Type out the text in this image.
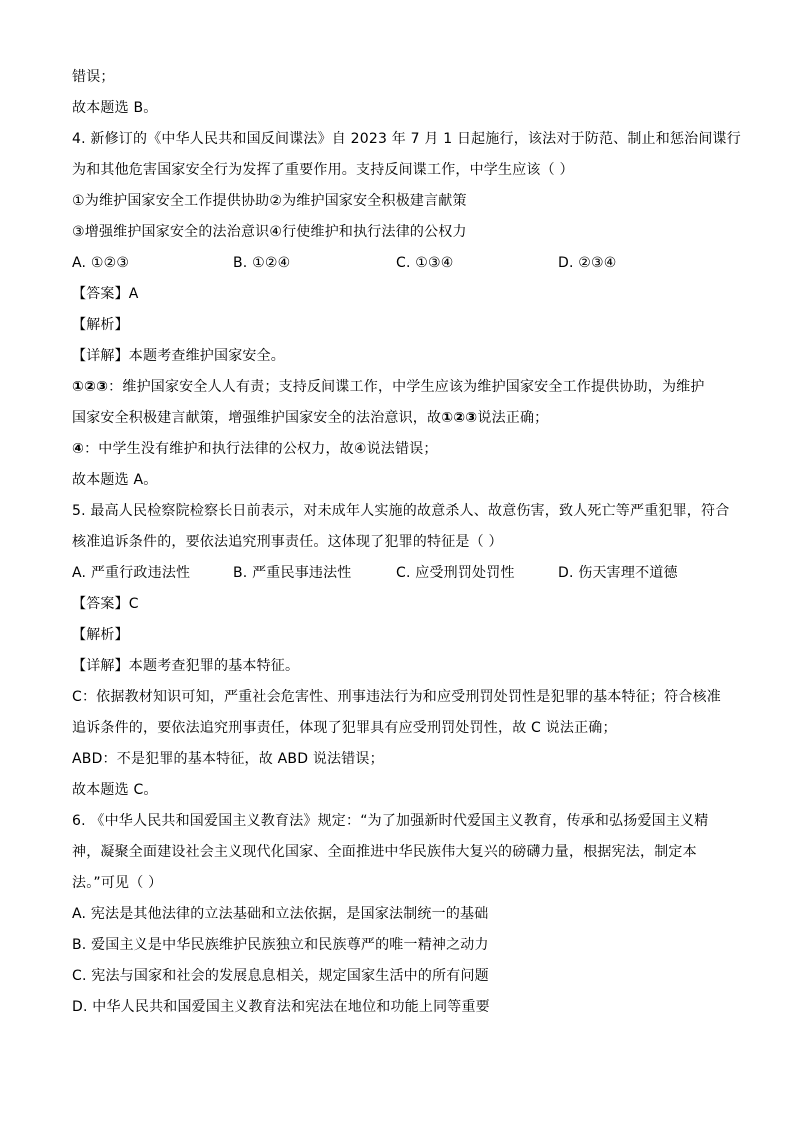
错误；
故本题选 B。
4. 新修订的《中华人民共和国反间谍法》自 2023 年 7 月 1 日起施行，该法对于防范、制止和惩治间谍行
为和其他危害国家安全行为发挥了重要作用。支持反间谍工作，中学生应该（ ）
①为维护国家安全工作提供协助②为维护国家安全积极建言献策
③增强维护国家安全的法治意识④行使维护和执行法律的公权力
A. ①②③	B. ①②④	C. ①③④	D. ②③④
【答案】A
【解析】
【详解】本题考查维护国家安全。
①②③：维护国家安全人人有责；支持反间谍工作，中学生应该为维护国家安全工作提供协助，为维护
国家安全积极建言献策，增强维护国家安全的法治意识，故①②③说法正确；
④：中学生没有维护和执行法律的公权力，故④说法错误；
故本题选 A。
5. 最高人民检察院检察长日前表示，对未成年人实施的故意杀人、故意伤害，致人死亡等严重犯罪，符合
核准追诉条件的，要依法追究刑事责任。这体现了犯罪的特征是（ ）
A. 严重行政违法性	B. 严重民事违法性	C. 应受刑罚处罚性	D. 伤天害理不道德
【答案】C
【解析】
【详解】本题考查犯罪的基本特征。
C：依据教材知识可知，严重社会危害性、刑事违法行为和应受刑罚处罚性是犯罪的基本特征；符合核准
追诉条件的，要依法追究刑事责任，体现了犯罪具有应受刑罚处罚性，故 C 说法正确；
ABD：不是犯罪的基本特征，故 ABD 说法错误；
故本题选 C。
6. 《中华人民共和国爱国主义教育法》规定：“为了加强新时代爱国主义教育，传承和弘扬爱国主义精
神，凝聚全面建设社会主义现代化国家、全面推进中华民族伟大复兴的磅礴力量，根据宪法，制定本
法。”可见（ ）
A. 宪法是其他法律的立法基础和立法依据，是国家法制统一的基础
B. 爱国主义是中华民族维护民族独立和民族尊严的唯一精神之动力
C. 宪法与国家和社会的发展息息相关，规定国家生活中的所有问题
D. 中华人民共和国爱国主义教育法和宪法在地位和功能上同等重要
